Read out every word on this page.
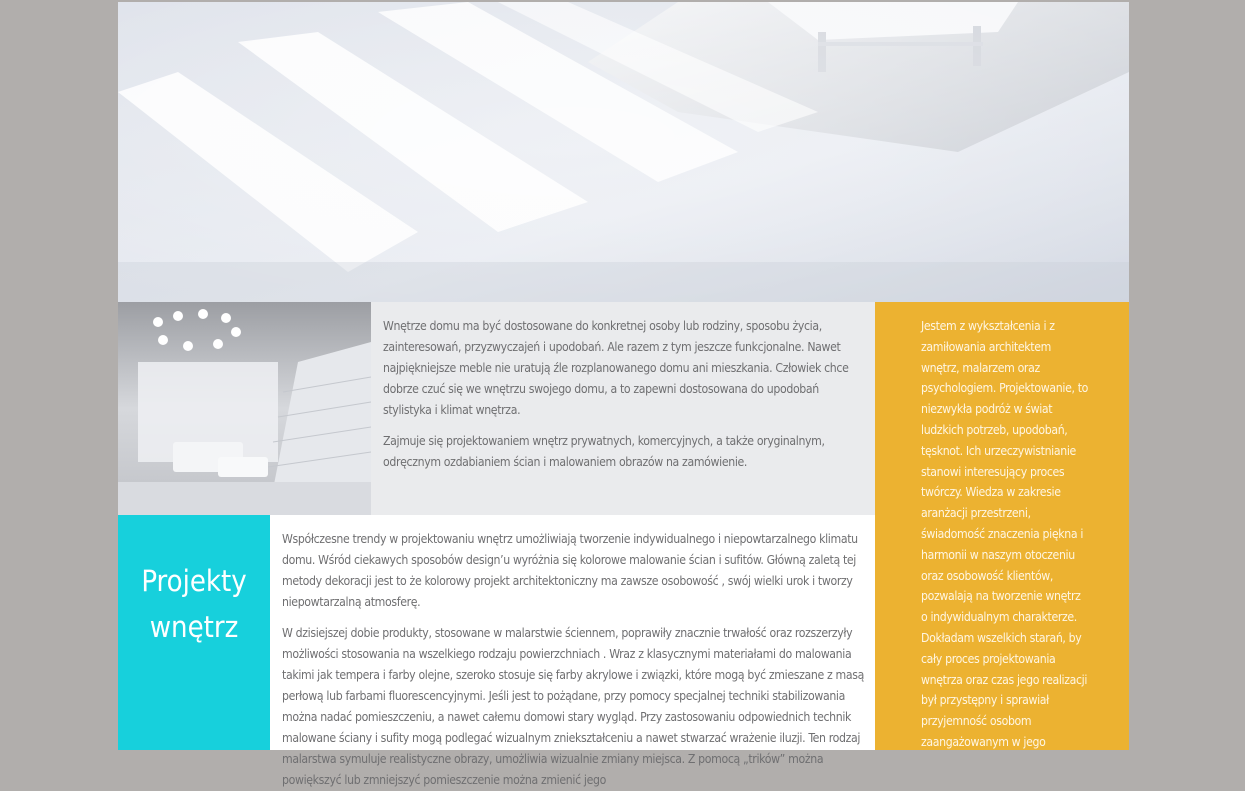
Wnętrze domu ma być dostosowane do konkretnej osoby lub rodziny, sposobu życia, zainteresowań, przyzwyczajeń i upodobań. Ale razem z tym jeszcze funkcjonalne. Nawet najpiękniejsze meble nie uratują źle rozplanowanego domu ani mieszkania. Człowiek chce dobrze czuć się we wnętrzu swojego domu, a to zapewni dostosowana do upodobań stylistyka i klimat wnętrza.

Zajmuje się projektowaniem wnętrz prywatnych, komercyjnych, a także oryginalnym, odręcznym ozdabianiem ścian i malowaniem obrazów na zamówienie.

Jestem z wykształcenia i z zamiłowania architektem wnętrz, malarzem oraz psychologiem. Projektowanie, to niezwykła podróż w świat ludzkich potrzeb, upodobań, tęsknot. Ich urzeczywistnianie stanowi interesujący proces twórczy. Wiedza w zakresie aranżacji przestrzeni, świadomość znaczenia piękna i harmonii w naszym otoczeniu oraz osobowość klientów, pozwalają na tworzenie wnętrz o indywidualnym charakterze. Dokładam wszelkich starań, by cały proces projektowania wnętrza oraz czas jego realizacji był przystępny i sprawiał przyjemność osobom zaangażowanym w jego

Projekty
wnętrz

Współczesne trendy w projektowaniu wnętrz umożliwiają tworzenie indywidualnego i niepowtarzalnego klimatu domu. Wśród ciekawych sposobów design’u wyróżnia się kolorowe malowanie ścian i sufitów. Główną zaletą tej metody dekoracji jest to że kolorowy projekt architektoniczny ma zawsze osobowość , swój wielki urok i tworzy niepowtarzalną atmosferę.

W dzisiejszej dobie produkty, stosowane w malarstwie ściennem, poprawiły znacznie trwałość oraz rozszerzyły możliwości stosowania na wszelkiego rodzaju powierzchniach . Wraz z klasycznymi materiałami do malowania takimi jak tempera i farby olejne, szeroko stosuje się farby akrylowe i związki, które mogą być zmieszane z masą perłową lub farbami fluorescencyjnymi. Jeśli jest to pożądane, przy pomocy specjalnej techniki stabilizowania można nadać pomieszczeniu, a nawet całemu domowi stary wygląd. Przy zastosowaniu odpowiednich technik malowane ściany i sufity mogą podlegać wizualnym zniekształceniu a nawet stwarzać wrażenie iluzji. Ten rodzaj malarstwa symuluje realistyczne obrazy, umożliwia wizualnie zmiany miejsca. Z pomocą „trików” można powiększyć lub zmniejszyć pomieszczenie można zmienić jego
